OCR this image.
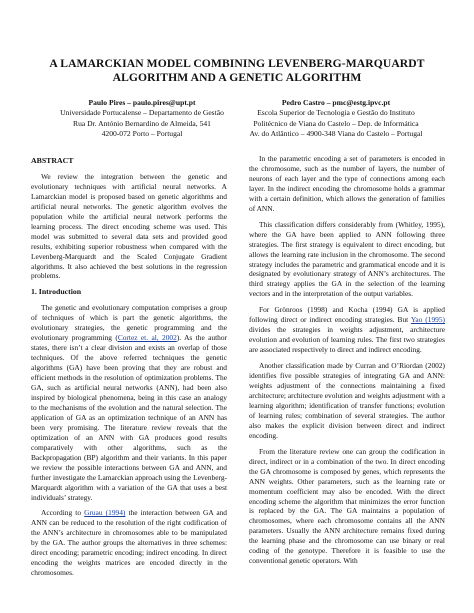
A LAMARCKIAN MODEL COMBINING LEVENBERG-MARQUARDT ALGORITHM AND A GENETIC ALGORITHM
Paulo Pires – paulo.pires@upt.pt
Universidade Portucalense – Departamento de Gestão
Rua Dr. António Bernardino de Almeida, 541
4200-072 Porto – Portugal
Pedro Castro – pmc@estg.ipvc.pt
Escola Superior de Tecnologia e Gestão do Instituto
Politécnico de Viana do Castelo – Dep. de Informática
Av. do Atlântico – 4900-348 Viana do Castelo – Portugal
ABSTRACT

We review the integration between the genetic and evolutionary techniques with artificial neural networks. A Lamarckian model is proposed based on genetic algorithms and artificial neural networks. The genetic algorithm evolves the population while the artificial neural network performs the learning process. The direct encoding scheme was used. This model was submitted to several data sets and provided good results, exhibiting superior robustness when compared with the Levenberg-Marquardt and the Scaled Conjugate Gradient algorithms. It also achieved the best solutions in the regression problems.

1. Introduction

The genetic and evolutionary computation comprises a group of techniques of which is part the genetic algorithms, the evolutionary strategies, the genetic programming and the evolutionary programming (Cortez et. al, 2002). As the author states, there isn’t a clear division and exists an overlap of those techniques. Of the above referred techniques the genetic algorithms (GA) have been proving that they are robust and efficient methods in the resolution of optimization problems. The GA, such as artificial neural networks (ANN), had been also inspired by biological phenomena, being in this case an analogy to the mechanisms of the evolution and the natural selection. The application of GA as an optimization technique of an ANN has been very promising. The literature review reveals that the optimization of an ANN with GA produces good results comparatively with other algorithms, such as the Backpropagation (BP) algorithm and their variants. In this paper we review the possible interactions between GA and ANN, and further investigate the Lamarckian approach using the Levenberg-Marquardt algorithm with a variation of the GA that uses a best individuals’ strategy.

According to Gruau (1994) the interaction between GA and ANN can be reduced to the resolution of the right codification of the ANN’s architecture in chromosomes able to be manipulated by the GA. The author groups the alternatives in three schemes: direct encoding; parametric encoding; indirect encoding. In direct encoding the weights matrices are encoded directly in the chromosomes.

In the parametric encoding a set of parameters is encoded in the chromosome, such as the number of layers, the number of neurons of each layer and the type of connections among each layer. In the indirect encoding the chromosome holds a grammar with a certain definition, which allows the generation of families of ANN.

This classification differs considerably from (Whitley, 1995), where the GA have been applied to ANN following three strategies. The first strategy is equivalent to direct encoding, but allows the learning rate inclusion in the chromosome. The second strategy includes the parametric and grammatical encode and it is designated by evolutionary strategy of ANN’s architectures. The third strategy applies the GA in the selection of the learning vectors and in the interpretation of the output variables.

For Grönroos (1998) and Kocha (1994) GA is applied following direct or indirect encoding strategies. But Yao (1995) divides the strategies in weights adjustment, architecture evolution and evolution of learning rules. The first two strategies are associated respectively to direct and indirect encoding.

Another classification made by Curran and O’Riordan (2002) identifies five possible strategies of integrating GA and ANN: weights adjustment of the connections maintaining a fixed architecture; architecture evolution and weights adjustment with a learning algorithm; identification of transfer functions; evolution of learning rules; combination of several strategies. The author also makes the explicit division between direct and indirect encoding.

From the literature review one can group the codification in direct, indirect or in a combination of the two. In direct encoding the GA chromosome is composed by genes, which represents the ANN weights. Other parameters, such as the learning rate or momentum coefficient may also be encoded. With the direct encoding scheme the algorithm that minimizes the error function is replaced by the GA. The GA maintains a population of chromosomes, where each chromosome contains all the ANN parameters. Usually the ANN architecture remains fixed during the learning phase and the chromosome can use binary or real coding of the genotype. Therefore it is feasible to use the conventional genetic operators. With
